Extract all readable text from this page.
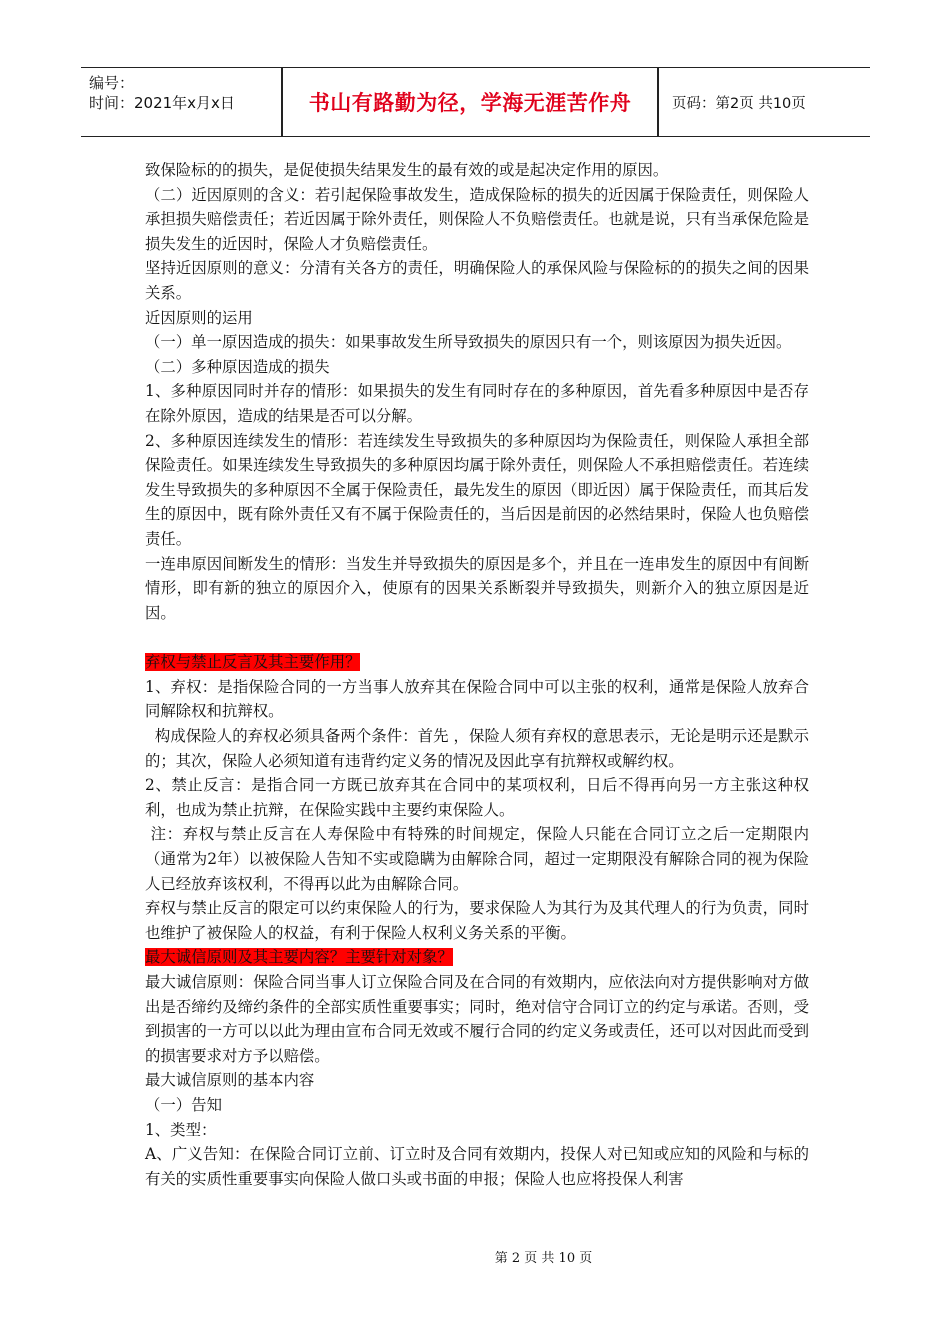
编号：
时间：2021年x月x日	书山有路勤为径，学海无涯苦作舟	页码：第2页 共10页

致保险标的的损失，是促使损失结果发生的最有效的或是起决定作用的原因。

（二）近因原则的含义：若引起保险事故发生，造成保险标的损失的近因属于保险责任，则保险人承担损失赔偿责任；若近因属于除外责任，则保险人不负赔偿责任。也就是说，只有当承保危险是损失发生的近因时，保险人才负赔偿责任。

坚持近因原则的意义：分清有关各方的责任，明确保险人的承保风险与保险标的的损失之间的因果关系。

近因原则的运用

（一）单一原因造成的损失：如果事故发生所导致损失的原因只有一个，则该原因为损失近因。

（二）多种原因造成的损失

1、多种原因同时并存的情形：如果损失的发生有同时存在的多种原因，首先看多种原因中是否存在除外原因，造成的结果是否可以分解。

2、多种原因连续发生的情形：若连续发生导致损失的多种原因均为保险责任，则保险人承担全部保险责任。如果连续发生导致损失的多种原因均属于除外责任，则保险人不承担赔偿责任。若连续发生导致损失的多种原因不全属于保险责任，最先发生的原因（即近因）属于保险责任，而其后发生的原因中，既有除外责任又有不属于保险责任的，当后因是前因的必然结果时，保险人也负赔偿责任。

一连串原因间断发生的情形：当发生并导致损失的原因是多个，并且在一连串发生的原因中有间断情形，即有新的独立的原因介入，使原有的因果关系断裂并导致损失，则新介入的独立原因是近因。

弃权与禁止反言及其主要作用？

1、弃权：是指保险合同的一方当事人放弃其在保险合同中可以主张的权利，通常是保险人放弃合同解除权和抗辩权。

构成保险人的弃权必须具备两个条件：首先 ，保险人须有弃权的意思表示，无论是明示还是默示的；其次，保险人必须知道有违背约定义务的情况及因此享有抗辩权或解约权。

2、禁止反言：是指合同一方既已放弃其在合同中的某项权利，日后不得再向另一方主张这种权利，也成为禁止抗辩，在保险实践中主要约束保险人。

注：弃权与禁止反言在人寿保险中有特殊的时间规定，保险人只能在合同订立之后一定期限内（通常为2年）以被保险人告知不实或隐瞒为由解除合同，超过一定期限没有解除合同的视为保险人已经放弃该权利，不得再以此为由解除合同。

弃权与禁止反言的限定可以约束保险人的行为，要求保险人为其行为及其代理人的行为负责，同时也维护了被保险人的权益，有利于保险人权利义务关系的平衡。

最大诚信原则及其主要内容？主要针对对象？

最大诚信原则：保险合同当事人订立保险合同及在合同的有效期内，应依法向对方提供影响对方做出是否缔约及缔约条件的全部实质性重要事实；同时，绝对信守合同订立的约定与承诺。否则，受到损害的一方可以以此为理由宣布合同无效或不履行合同的约定义务或责任，还可以对因此而受到的损害要求对方予以赔偿。

最大诚信原则的基本内容

（一）告知

1、类型：

A、广义告知：在保险合同订立前、订立时及合同有效期内，投保人对已知或应知的风险和与标的有关的实质性重要事实向保险人做口头或书面的申报；保险人也应将投保人利害

第 2 页 共 10 页
